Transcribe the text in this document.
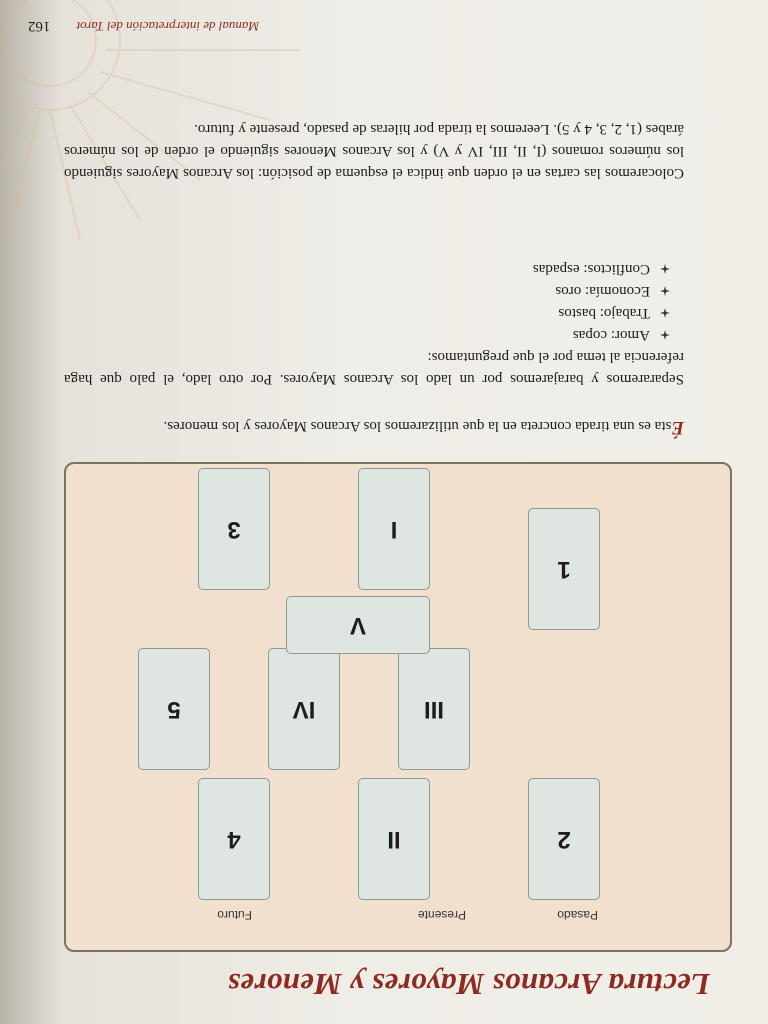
Lectura Arcanos Mayores y Menores
Pasado
Presente
Futuro
2
II
4
III
IV
5
V
1
I
3

Ésta es una tirada concreta en la que utilizaremos los Arcanos Mayores y los menores.

Separaremos y barajaremos por un lado los Arcanos Mayores. Por otro lado, el palo que haga referencia al tema por el que preguntamos:

Amor: copas
Trabajo: bastos
Economía: oros
Conflictos: espadas

Colocaremos las cartas en el orden que indica el esquema de posición: los Arcanos Mayores siguiendo los números romanos (I, II, III, IV y V) y los Arcanos Menores siguiendo el orden de los números árabes (1, 2, 3, 4 y 5). Leeremos la tirada por hileras de pasado, presente y futuro.

Manual de interpretación del Tarot
162
